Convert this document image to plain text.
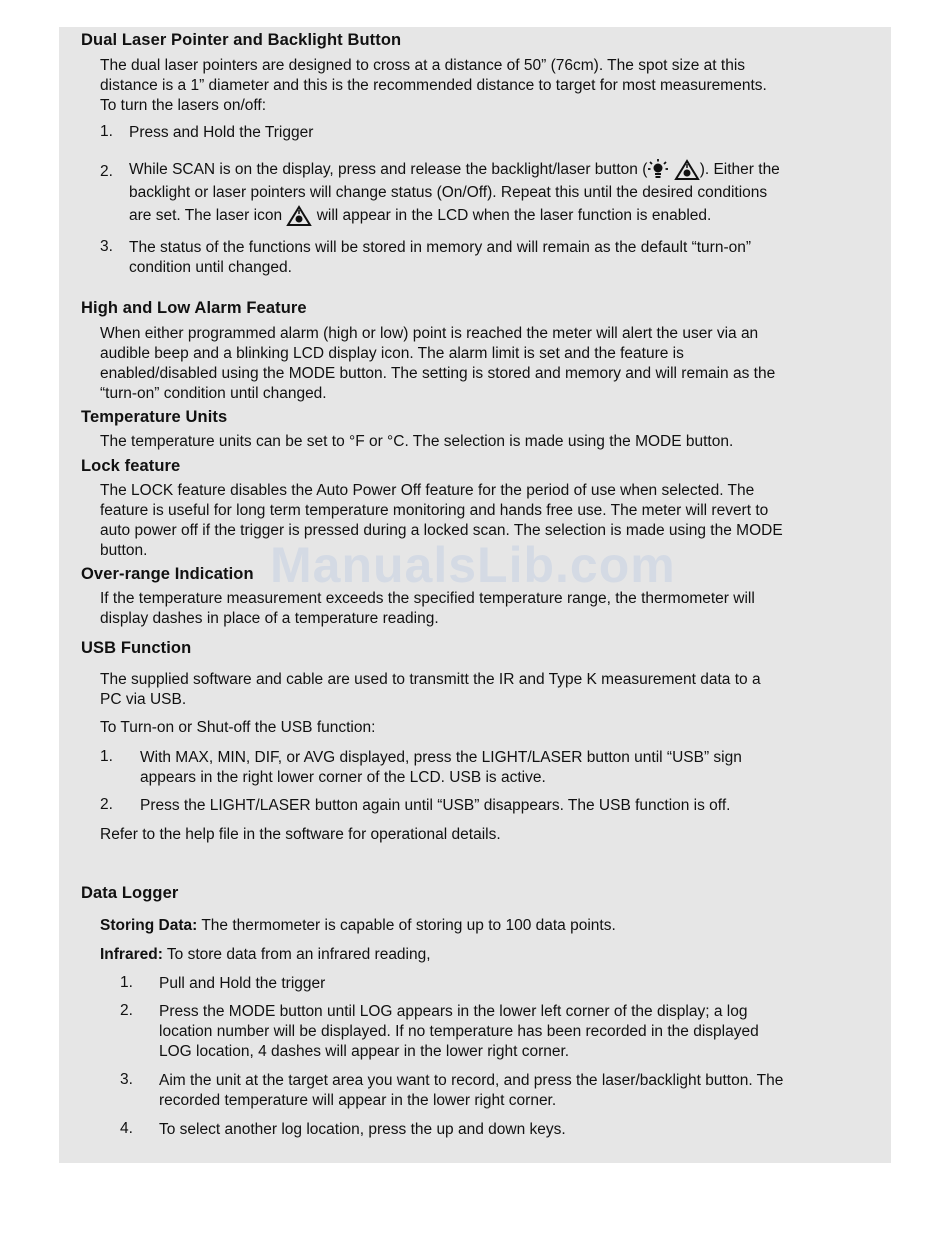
ManualsLib.com

Dual Laser Pointer and Backlight Button

The dual laser pointers are designed to cross at a distance of 50” (76cm). The spot size at this

distance is a 1” diameter and this is the recommended distance to target for most measurements.

To turn the lasers on/off:

1. Press and Hold the Trigger

2. While SCAN is on the display, press and release the backlight/laser button (	). Either the

backlight or laser pointers will change status (On/Off). Repeat this until the desired conditions

are set. The laser icon  will appear in the LCD when the laser function is enabled.

3. The status of the functions will be stored in memory and will remain as the default “turn-on”

condition until changed.

High and Low Alarm Feature

When either programmed alarm (high or low) point is reached the meter will alert the user via an

audible beep and a blinking LCD display icon. The alarm limit is set and the feature is

enabled/disabled using the MODE button. The setting is stored and memory and will remain as the

“turn-on” condition until changed.

Temperature Units

The temperature units can be set to °F or °C. The selection is made using the MODE button.

Lock feature

The LOCK feature disables the Auto Power Off feature for the period of use when selected. The

feature is useful for long term temperature monitoring and hands free use. The meter will revert to

auto power off if the trigger is pressed during a locked scan. The selection is made using the MODE

button.

Over-range Indication

If the temperature measurement exceeds the specified temperature range, the thermometer will

display dashes in place of a temperature reading.

USB Function

The supplied software and cable are used to transmitt the IR and Type K measurement data to a

PC via USB.

To Turn-on or Shut-off the USB function:

1. With MAX, MIN, DIF, or AVG displayed, press the LIGHT/LASER button until “USB” sign

appears in the right lower corner of the LCD. USB is active.

2. Press the LIGHT/LASER button again until “USB” disappears. The USB function is off.

Refer to the help file in the software for operational details.

Data Logger

Storing Data: The thermometer is capable of storing up to 100 data points.

Infrared: To store data from an infrared reading,

1. Pull and Hold the trigger

2. Press the MODE button until LOG appears in the lower left corner of the display; a log

location number will be displayed. If no temperature has been recorded in the displayed

LOG location, 4 dashes will appear in the lower right corner.

3. Aim the unit at the target area you want to record, and press the laser/backlight button. The

recorded temperature will appear in the lower right corner.

4. To select another log location, press the up and down keys.
